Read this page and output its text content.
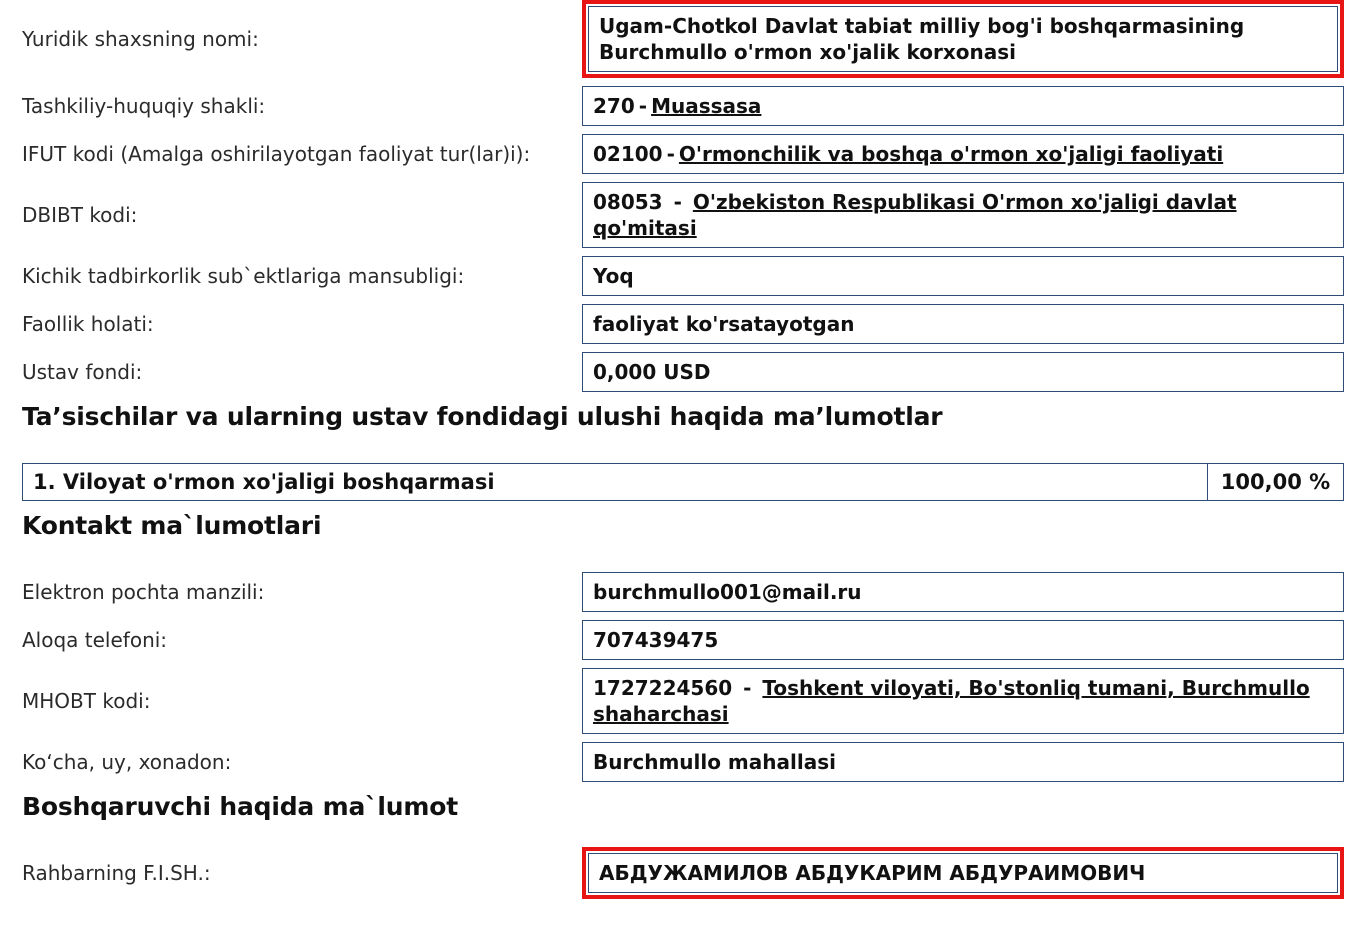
Yuridik shaxsning nomi:
Ugam-Chotkol Davlat tabiat milliy bog'i boshqarmasining Burchmullo o'rmon xo'jalik korxonasi
Tashkiliy-huquqiy shakli:	270 - Muassasa
IFUT kodi (Amalga oshirilayotgan faoliyat tur(lar)i):	02100 - O'rmonchilik va boshqa o'rmon xo'jaligi faoliyati
DBIBT kodi:
08053 - O'zbekiston Respublikasi O'rmon xo'jaligi davlat qo'mitasi
Kichik tadbirkorlik sub`ektlariga mansubligi:	Yoq
Faollik holati:	faoliyat ko'rsatayotgan
Ustav fondi:	0,000 USD
Ta’sischilar va ularning ustav fondidagi ulushi haqida ma’lumotlar
1. Viloyat o'rmon xo'jaligi boshqarmasi	100,00 %
Kontakt ma`lumotlari
Elektron pochta manzili:	burchmullo001@mail.ru
Aloqa telefoni:	707439475
MHOBT kodi:
1727224560 - Toshkent viloyati, Bo'stonliq tumani, Burchmullo shaharchasi
Ko‘cha, uy, xonadon:	Burchmullo mahallasi
Boshqaruvchi haqida ma`lumot
Rahbarning F.I.SH.:	АБДУЖАМИЛОВ АБДУКАРИМ АБДУРАИМОВИЧ
